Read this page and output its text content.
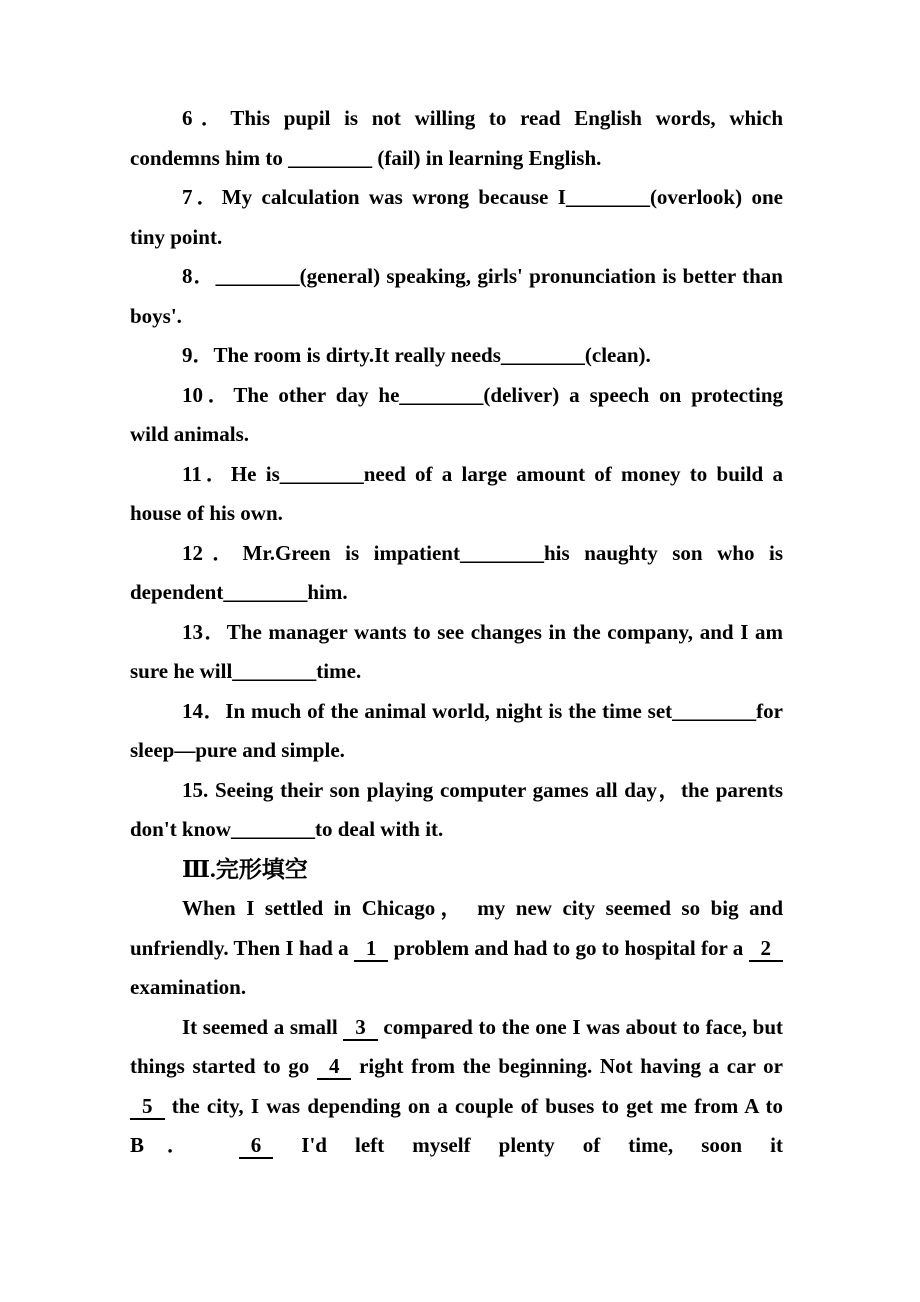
6．This pupil is not willing to read English words, which condemns him to ________ (fail) in learning English.

7．My calculation was wrong because I________(overlook) one tiny point.

8．________(general) speaking, girls' pronunciation is better than boys'.

9．The room is dirty.It really needs________(clean).

10．The other day he________(deliver) a speech on protecting wild animals.

11．He is________need of a large amount of money to build a house of his own.

12．Mr.Green is impatient________his naughty son who is dependent________him.

13．The manager wants to see changes in the company, and I am sure he will________time.

14．In much of the animal world, night is the time set________for sleep—pure and simple.

15. Seeing their son playing computer games all day，the parents don't know________to deal with it.

Ⅲ.完形填空

When I settled in Chicago， my new city seemed so big and unfriendly. Then I had a 1 problem and had to go to hospital for a 2 examination.

It seemed a small 3 compared to the one I was about to face, but things started to go 4 right from the beginning. Not having a car or 5 the city, I was depending on a couple of buses to get me from A to B． 6 I'd left myself plenty of time, soon it
